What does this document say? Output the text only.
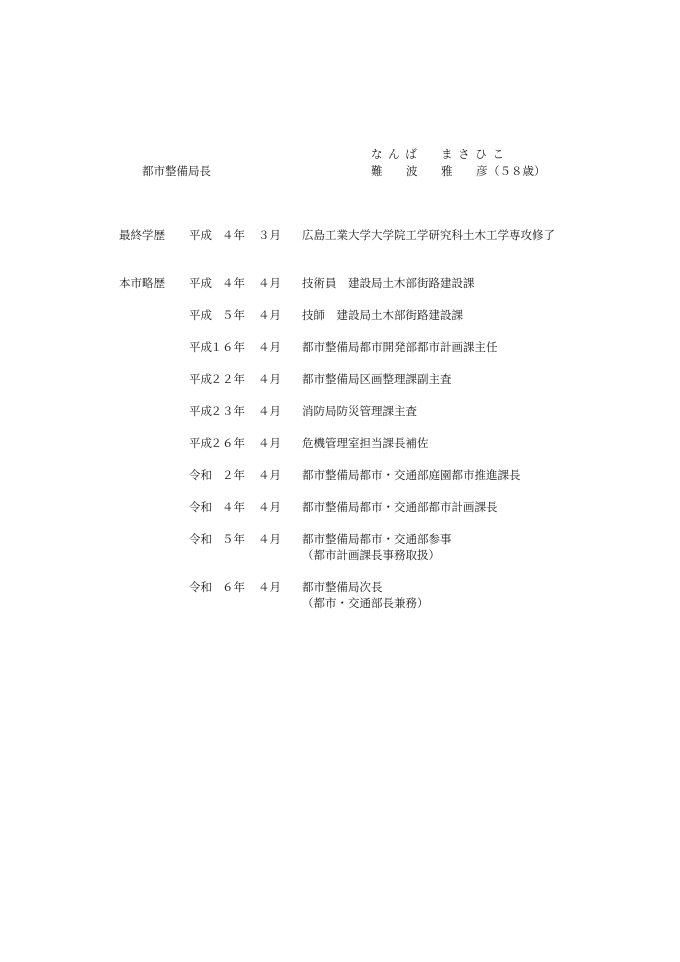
な ん ば ま さ ひ こ
都市整備局長	難 波 雅 彦 （５８歳）
最終学歴 平成 ４年 ３月 広島工業大学大学院工学研究科土木工学専攻修了
本市略歴 平成 ４年 ４月 技術員　建設局土木部街路建設課
平成 ５年 ４月 技師　建設局土木部街路建設課
平成
１６年 ４月 都市整備局都市開発部都市計画課主任
平成
２２年 ４月 都市整備局区画整理課副主査
平成
２３年 ４月 消防局防災管理課主査
平成
２６年 ４月 危機管理室担当課長補佐
令和 ２年 ４月 都市整備局都市・交通部庭園都市推進課長
令和 ４年 ４月 都市整備局都市・交通部都市計画課長
令和 ５年 ４月 都市整備局都市・交通部参事
（都市計画課長事務取扱）
令和 ６年 ４月 都市整備局次長
（都市・交通部長兼務）
